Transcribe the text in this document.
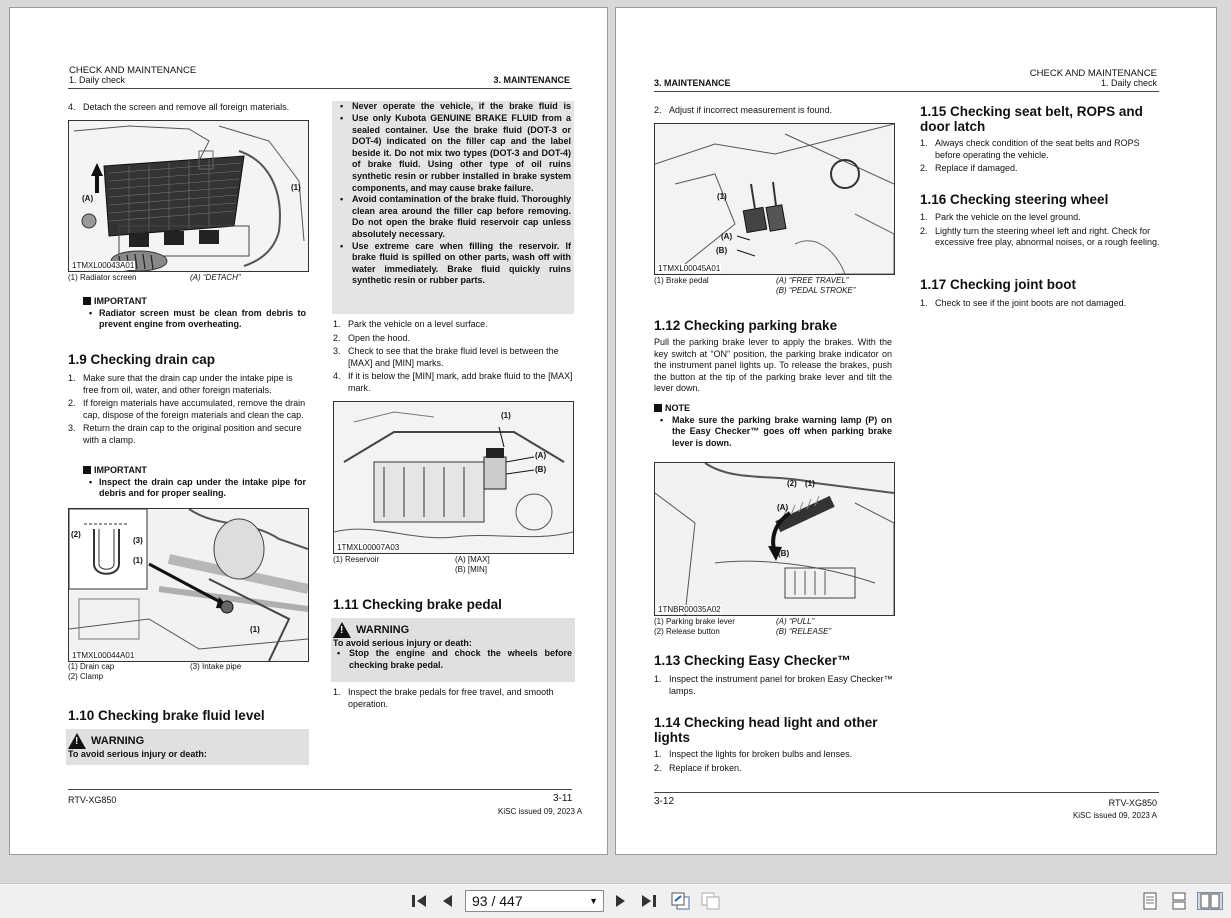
CHECK AND MAINTENANCE
1. Daily check	3. MAINTENANCE
4. Detach the screen and remove all foreign materials.
(A)
(1)
1TMXL00043A01
(1) Radiator screen	(A) “DETACH”
IMPORTANT
• Radiator screen must be clean from debris to prevent engine from overheating.
1.9 Checking drain cap
1. Make sure that the drain cap under the intake pipe is free from oil, water, and other foreign materials.
2. If foreign materials have accumulated, remove the drain cap, dispose of the foreign materials and clean the cap.
3. Return the drain cap to the original position and secure with a clamp.
IMPORTANT
• Inspect the drain cap under the intake pipe for debris and for proper sealing.
(2)
(3)
(1)
(1)
1TMXL00044A01
(1) Drain cap
(2) Clamp
(3) Intake pipe
1.10 Checking brake fluid level
! WARNING
To avoid serious injury or death:
• Never operate the vehicle, if the brake fluid is
• Use only Kubota GENUINE BRAKE FLUID from a sealed container. Use the brake fluid (DOT-3 or DOT-4) indicated on the filler cap and the label beside it. Do not mix two types (DOT-3 and DOT-4) of brake fluid. Using other type of oil ruins synthetic resin or rubber installed in brake system components, and may cause brake failure.
• Avoid contamination of the brake fluid. Thoroughly clean area around the filler cap before removing. Do not open the brake fluid reservoir cap unless absolutely necessary.
• Use extreme care when filling the reservoir. If brake fluid is spilled on other parts, wash off with water immediately. Brake fluid quickly ruins synthetic resin or rubber parts.
1. Park the vehicle on a level surface.
2. Open the hood.
3. Check to see that the brake fluid level is between the [MAX] and [MIN] marks.
4. If it is below the [MIN] mark, add brake fluid to the [MAX] mark.
(1)
(A)
(B)
1TMXL00007A03
(1) Reservoir	(A) [MAX]
(B) [MIN]
1.11 Checking brake pedal
! WARNING
To avoid serious injury or death:
• Stop the engine and chock the wheels before checking brake pedal.
1. Inspect the brake pedals for free travel, and smooth operation.
RTV-XG850	3-11
KiSC issued 09, 2023 A
3. MAINTENANCE
CHECK AND MAINTENANCE
1. Daily check
2. Adjust if incorrect measurement is found.
(1)
(A)
(B)
1TMXL00045A01
(1) Brake pedal	(A) “FREE TRAVEL”
(B) “PEDAL STROKE”
1.12 Checking parking brake
Pull the parking brake lever to apply the brakes. With the key switch at “ON” position, the parking brake indicator on the instrument panel lights up. To release the brakes, push the button at the tip of the parking brake lever and tilt the lever down.
NOTE
• Make sure the parking brake warning lamp (P) on the Easy Checker™ goes off when parking brake lever is down.
(2) (1)
(A)
(B)
1TNBR00035A02
(1) Parking brake lever
(2) Release button
(A) “PULL”
(B) “RELEASE”
1.13 Checking Easy Checker™
1. Inspect the instrument panel for broken Easy Checker™ lamps.
1.14 Checking head light and other lights
1. Inspect the lights for broken bulbs and lenses.
2. Replace if broken.
1.15 Checking seat belt, ROPS and door latch
1. Always check condition of the seat belts and ROPS before operating the vehicle.
2. Replace if damaged.
1.16 Checking steering wheel
1. Park the vehicle on the level ground.
2. Lightly turn the steering wheel left and right. Check for excessive free play, abnormal noises, or a rough feeling.
1.17 Checking joint boot
1. Check to see if the joint boots are not damaged.
3-12	RTV-XG850
KiSC issued 09, 2023 A
93 / 447	▼
